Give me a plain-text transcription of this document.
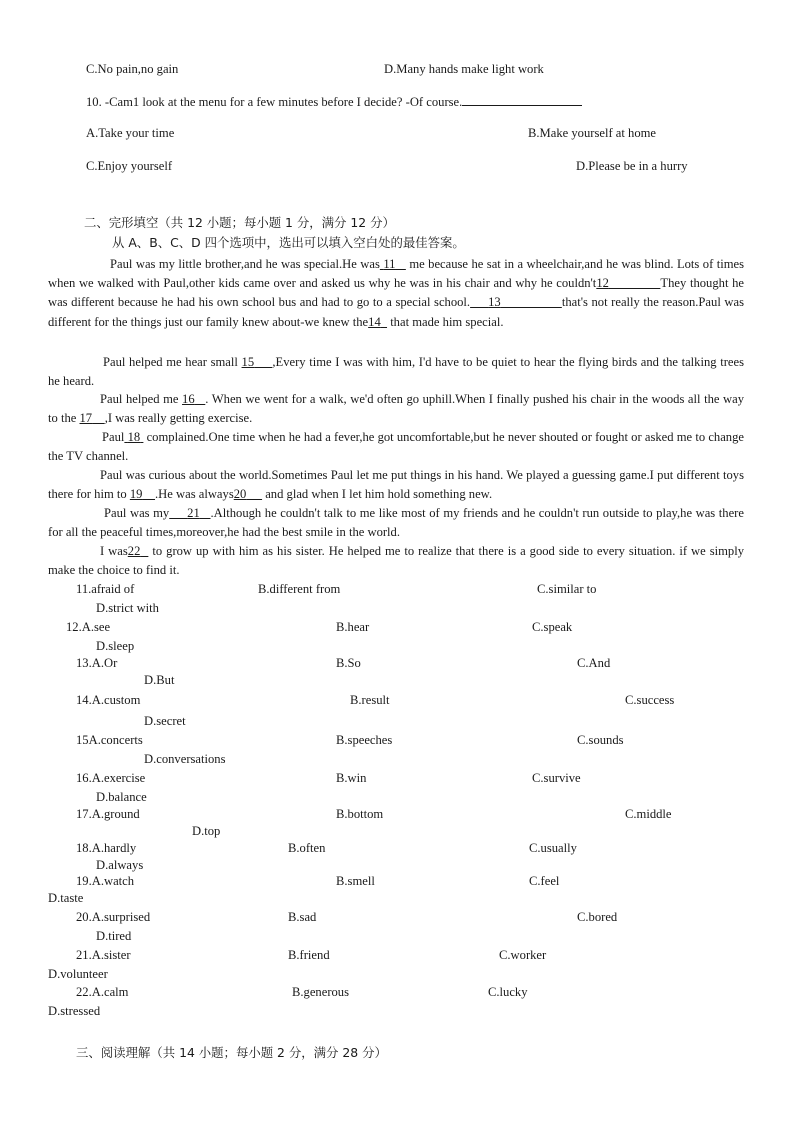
C.No pain,no gain	D.Many hands make light work
10. -Cam1 look at the menu for a few minutes before I decide? -Of course.
A.Take your time	B.Make yourself at home
C.Enjoy yourself	D.Please be in a hurry
二、完形填空（共 12 小题；每小题 1 分，满分 12 分）
从 A、B、C、D 四个选项中，选出可以填入空白处的最佳答案。
Paul was my little brother,and he was special.He was 11 me because he sat in a wheelchair,and he was blind. Lots of times when we walked with Paul,other kids came over and asked us why he was in his chair and why he couldn't12	They thought he was different because he had his own school bus and had to go to a special school. 13	that's not really the reason.Paul was different for the things just our family knew about-we knew the14 that made him special.
Paul helped me hear small 15 ,Every time I was with him, I'd have to be quiet to hear the flying birds and the talking trees he heard.
Paul helped me 16 . When we went for a walk, we'd often go uphill.When I finally pushed his chair in the woods all the way to the 17 ,I was really getting exercise.
Paul 18 complained.One time when he had a fever,he got uncomfortable,but he never shouted or fought or asked me to change the TV channel.
Paul was curious about the world.Sometimes Paul let me put things in his hand. We played a guessing game.I put different toys there for him to 19 .He was always20 and glad when I let him hold something new.
Paul was my 21 .Although he couldn't talk to me like most of my friends and he couldn't run outside to play,he was there for all the peaceful times,moreover,he had the best smile in the world.
I was22 to grow up with him as his sister. He helped me to realize that there is a good side to every situation. if we simply make the choice to find it.
11.afraid of	B.different from	C.similar to
D.strict with
12.A.see	B.hear	C.speak
D.sleep
13.A.Or	B.So	C.And
D.But
14.A.custom	B.result	C.success
D.secret
15A.concerts	B.speeches	C.sounds
D.conversations
16.A.exercise	B.win	C.survive
D.balance
17.A.ground	B.bottom	C.middle
D.top
18.A.hardly	B.often	C.usually
D.always
19.A.watch	B.smell	C.feel
D.taste
20.A.surprised	B.sad	C.bored
D.tired
21.A.sister	B.friend	C.worker
D.volunteer
22.A.calm	B.generous	C.lucky
D.stressed
三、阅读理解（共 14 小题；每小题 2 分，满分 28 分）
